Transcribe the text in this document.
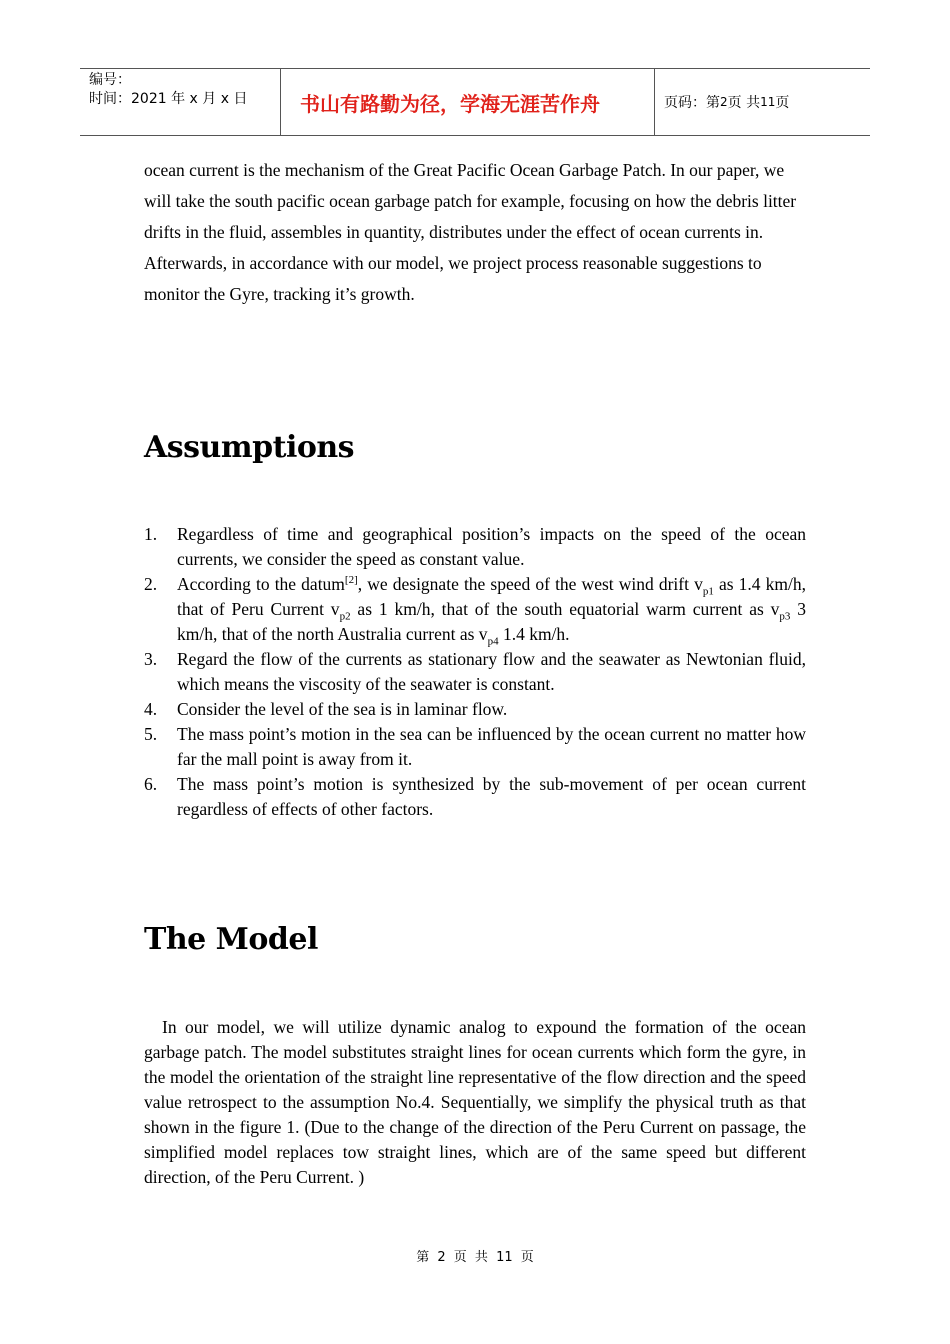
编号：
时间：2021 年 x 月 x 日	书山有路勤为径，学海无涯苦作舟	页码：第 2 页 共 11 页

ocean current is the mechanism of the Great Pacific Ocean Garbage Patch. In our paper, we will take the south pacific ocean garbage patch for example, focusing on how the debris litter drifts in the fluid, assembles in quantity, distributes under the effect of ocean currents in. Afterwards, in accordance with our model, we project process reasonable suggestions to monitor the Gyre, tracking it’s growth.

Assumptions
1. Regardless of time and geographical position’s impacts on the speed of the ocean currents, we consider the speed as constant value.
2. According to the datum[2], we designate the speed of the west wind drift $v_{p1}$ as 1.4 km/h, that of Peru Current $v_{p2}$ as 1 km/h, that of the south equatorial warm current as $v_{p3}$ 3 km/h, that of the north Australia current as $v_{p4}$ 1.4 km/h.
3. Regard the flow of the currents as stationary flow and the seawater as Newtonian fluid, which means the viscosity of the seawater is constant.
4. Consider the level of the sea is in laminar flow.
5. The mass point’s motion in the sea can be influenced by the ocean current no matter how far the mall point is away from it.
6. The mass point’s motion is synthesized by the sub-movement of per ocean current regardless of effects of other factors.
The Model

In our model, we will utilize dynamic analog to expound the formation of the ocean garbage patch. The model substitutes straight lines for ocean currents which form the gyre, in the model the orientation of the straight line representative of the flow direction and the speed value retrospect to the assumption No.4. Sequentially, we simplify the physical truth as that shown in the figure 1. (Due to the change of the direction of the Peru Current on passage, the simplified model replaces tow straight lines, which are of the same speed but different direction, of the Peru Current. )

第 2 页 共 11 页
